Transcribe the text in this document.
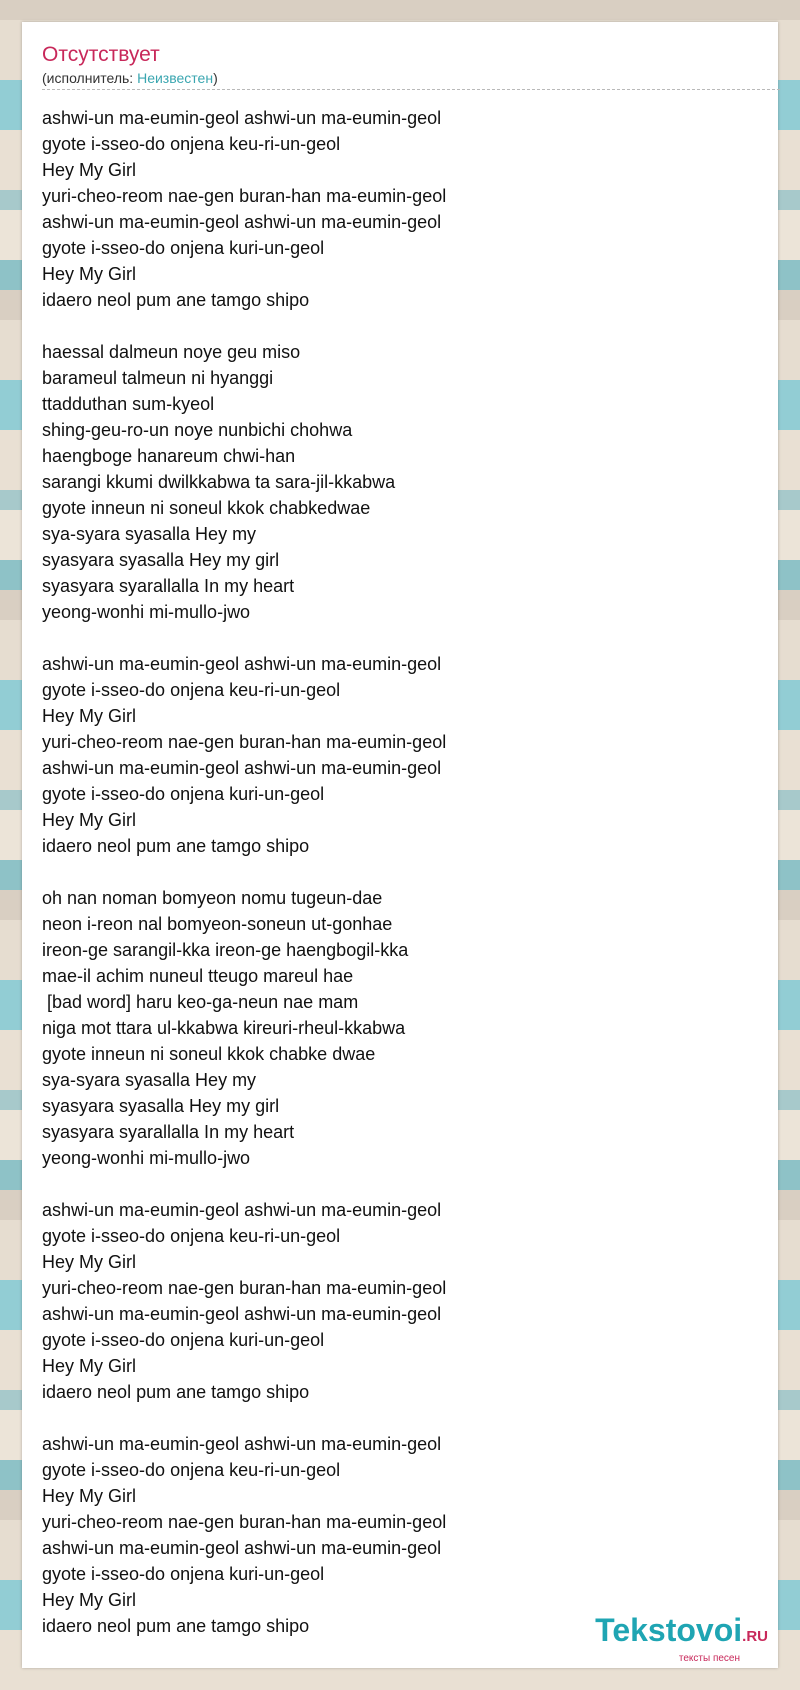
Отсутствует
(исполнитель: Неизвестен)
ashwi-un ma-eumin-geol ashwi-un ma-eumin-geol
gyote i-sseo-do onjena keu-ri-un-geol
Hey My Girl
yuri-cheo-reom nae-gen buran-han ma-eumin-geol
ashwi-un ma-eumin-geol ashwi-un ma-eumin-geol
gyote i-sseo-do onjena kuri-un-geol
Hey My Girl
idaero neol pum ane tamgo shipo
haessal dalmeun noye geu miso
barameul talmeun ni hyanggi
ttadduthan sum-kyeol
shing-geu-ro-un noye nunbichi chohwa
haengboge hanareum chwi-han
sarangi kkumi dwilkkabwa ta sara-jil-kkabwa
gyote inneun ni soneul kkok chabkedwae
sya-syara syasalla Hey my
syasyara syasalla Hey my girl
syasyara syarallalla In my heart
yeong-wonhi mi-mullo-jwo
ashwi-un ma-eumin-geol ashwi-un ma-eumin-geol
gyote i-sseo-do onjena keu-ri-un-geol
Hey My Girl
yuri-cheo-reom nae-gen buran-han ma-eumin-geol
ashwi-un ma-eumin-geol ashwi-un ma-eumin-geol
gyote i-sseo-do onjena kuri-un-geol
Hey My Girl
idaero neol pum ane tamgo shipo
oh nan noman bomyeon nomu tugeun-dae
neon i-reon nal bomyeon-soneun ut-gonhae
ireon-ge sarangil-kka ireon-ge haengbogil-kka
mae-il achim nuneul tteugo mareul hae
[bad word] haru keo-ga-neun nae mam
niga mot ttara ul-kkabwa kireuri-rheul-kkabwa
gyote inneun ni soneul kkok chabke dwae
sya-syara syasalla Hey my
syasyara syasalla Hey my girl
syasyara syarallalla In my heart
yeong-wonhi mi-mullo-jwo
ashwi-un ma-eumin-geol ashwi-un ma-eumin-geol
gyote i-sseo-do onjena keu-ri-un-geol
Hey My Girl
yuri-cheo-reom nae-gen buran-han ma-eumin-geol
ashwi-un ma-eumin-geol ashwi-un ma-eumin-geol
gyote i-sseo-do onjena kuri-un-geol
Hey My Girl
idaero neol pum ane tamgo shipo
ashwi-un ma-eumin-geol ashwi-un ma-eumin-geol
gyote i-sseo-do onjena keu-ri-un-geol
Hey My Girl
yuri-cheo-reom nae-gen buran-han ma-eumin-geol
ashwi-un ma-eumin-geol ashwi-un ma-eumin-geol
gyote i-sseo-do onjena kuri-un-geol
Hey My Girl
idaero neol pum ane tamgo shipo	Tekstovoi.RU
тексты песен
